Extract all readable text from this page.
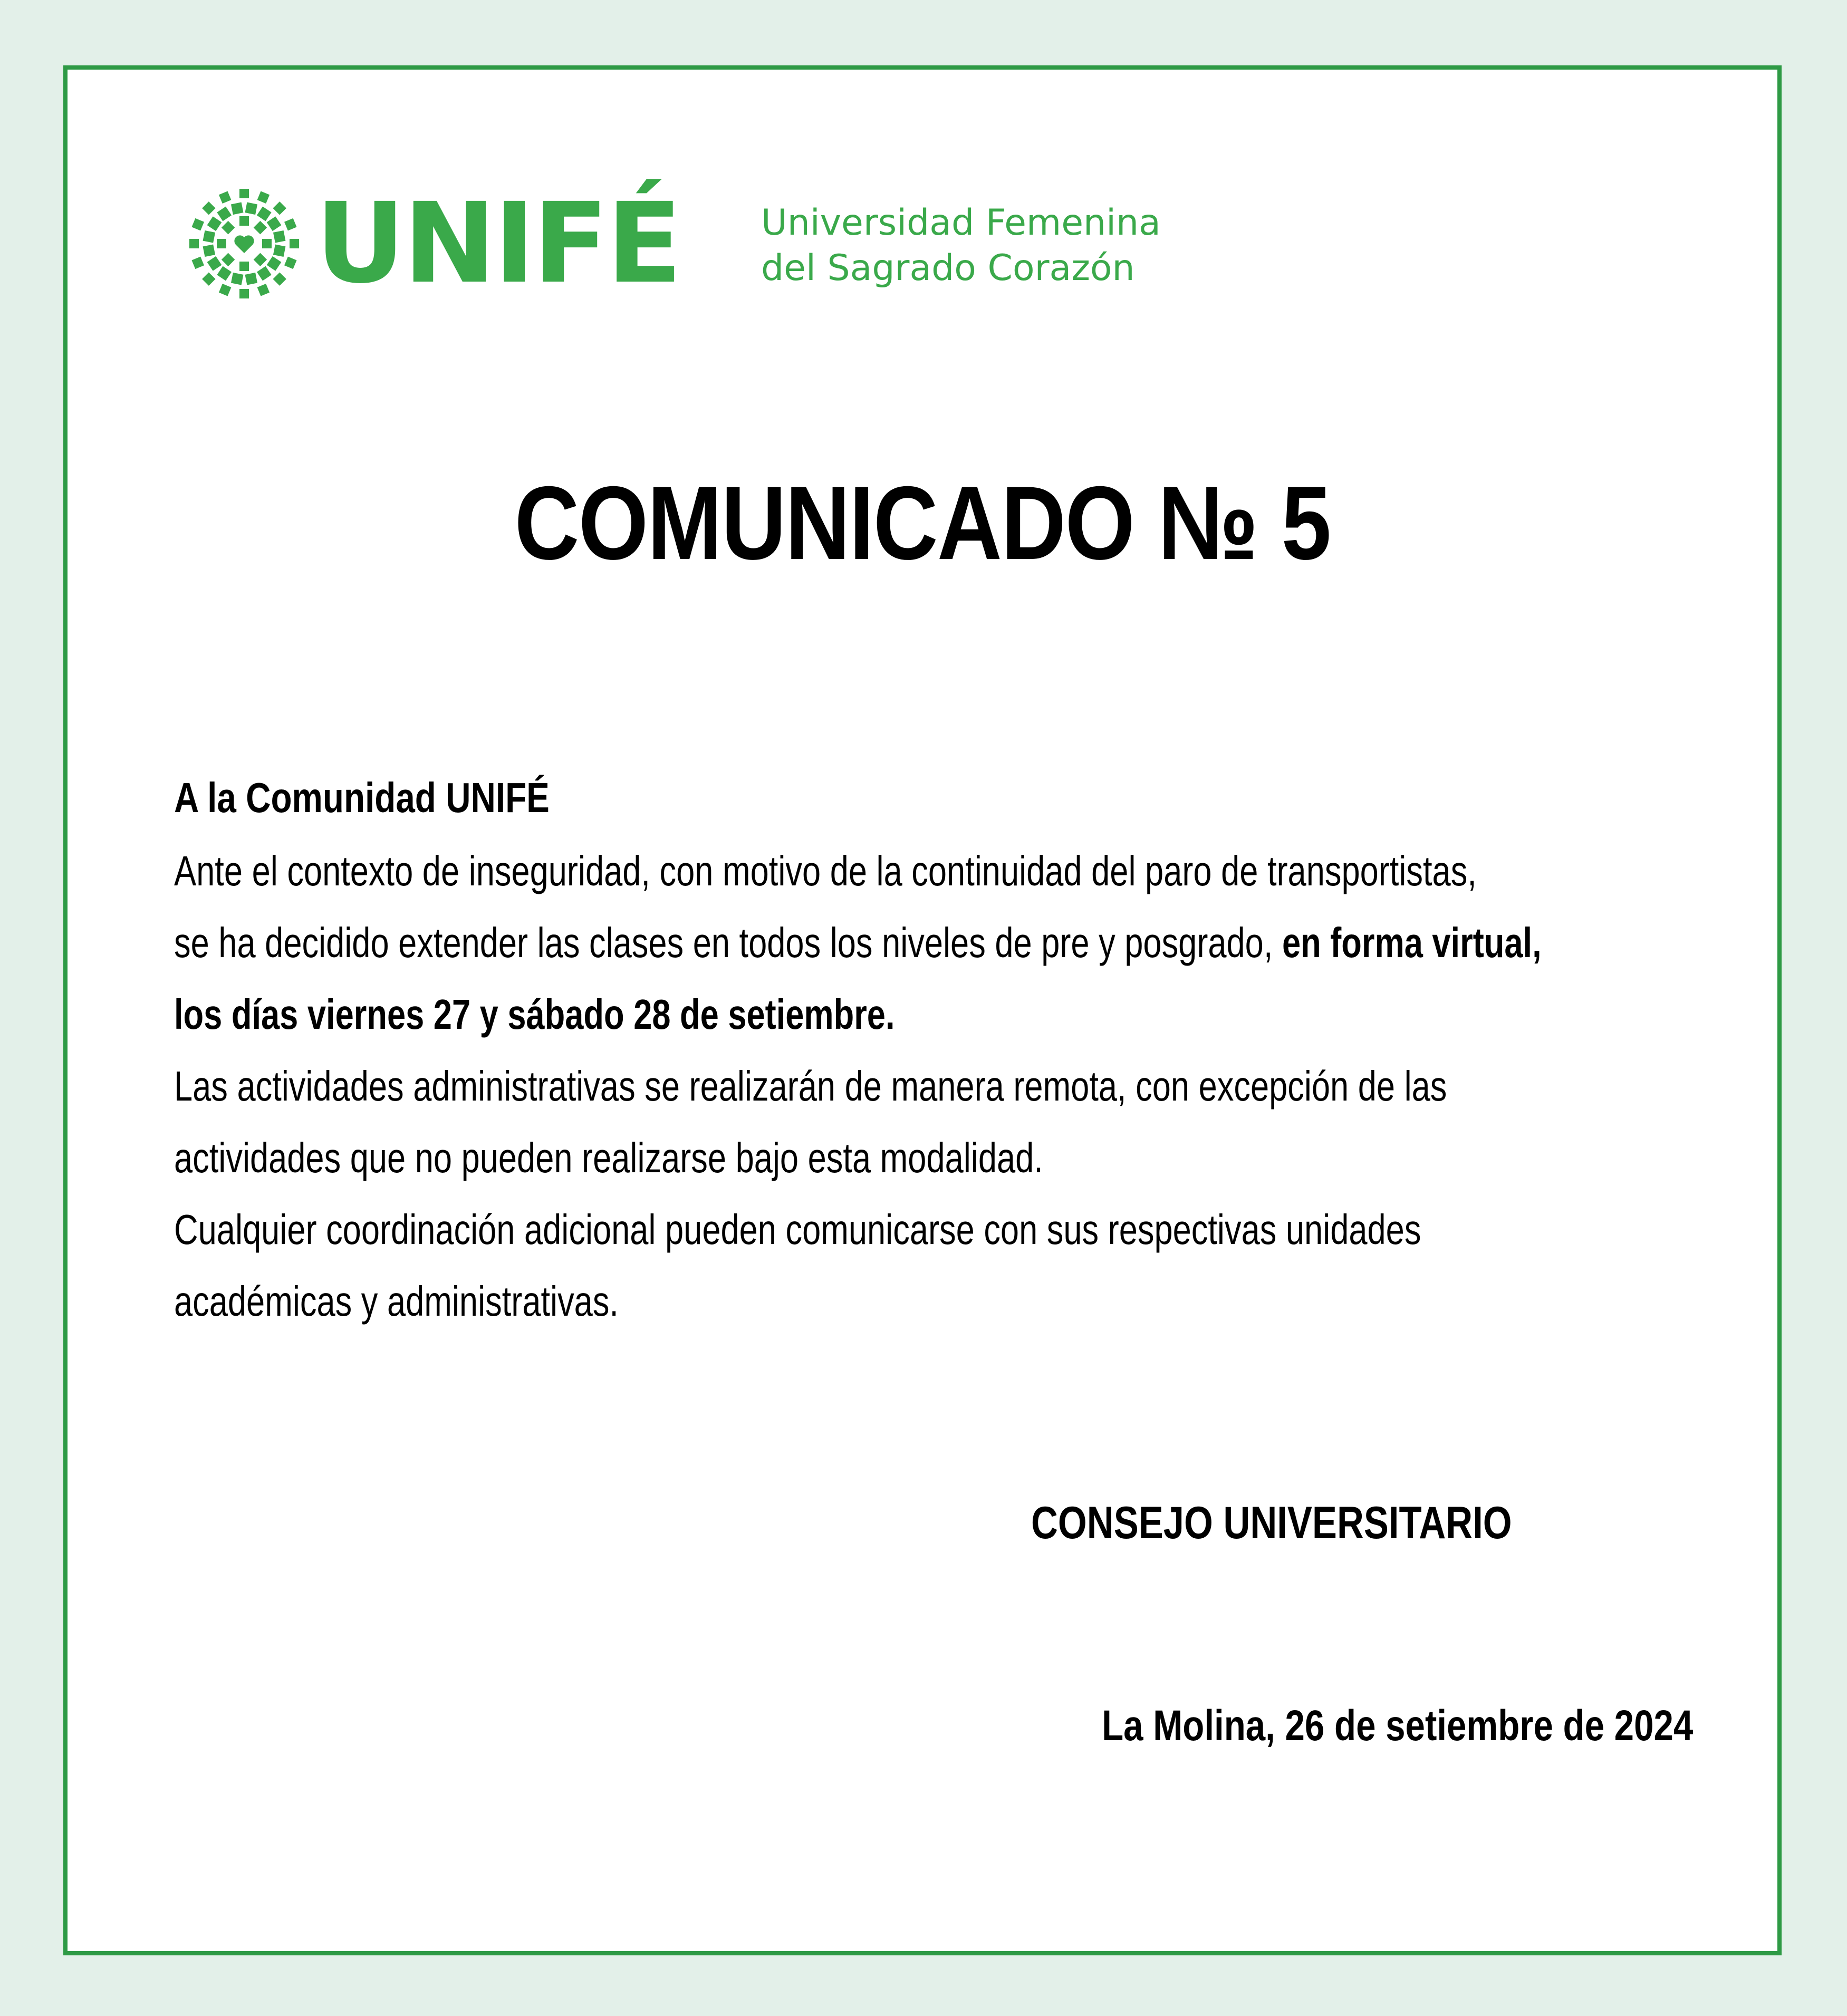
UNIFÉ Universidad Femenina
del Sagrado Corazón
COMUNICADO № 5
A la Comunidad UNIFÉ
Ante el contexto de inseguridad, con motivo de la continuidad del paro de transportistas,
se ha decidido extender las clases en todos los niveles de pre y posgrado, en forma virtual,
los días viernes 27 y sábado 28 de setiembre.
Las actividades administrativas se realizarán de manera remota, con excepción de las
actividades que no pueden realizarse bajo esta modalidad.
Cualquier coordinación adicional pueden comunicarse con sus respectivas unidades
académicas y administrativas.
CONSEJO UNIVERSITARIO
La Molina, 26 de setiembre de 2024
